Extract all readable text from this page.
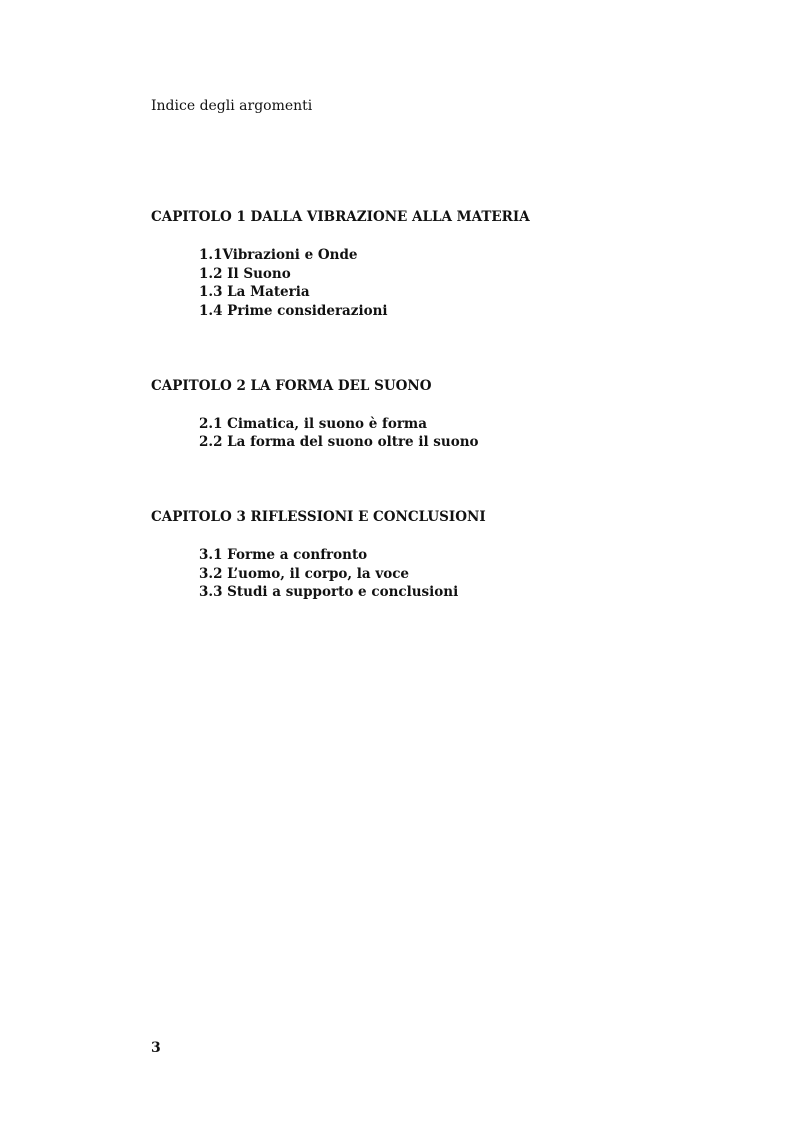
Indice degli argomenti
CAPITOLO 1 DALLA VIBRAZIONE ALLA MATERIA
1.1Vibrazioni e Onde
1.2 Il Suono
1.3 La Materia
1.4 Prime considerazioni
CAPITOLO 2 LA FORMA DEL SUONO
2.1 Cimatica, il suono è forma
2.2 La forma del suono oltre il suono
CAPITOLO 3 RIFLESSIONI E CONCLUSIONI
3.1 Forme a confronto
3.2 L’uomo, il corpo, la voce
3.3 Studi a supporto e conclusioni
3
